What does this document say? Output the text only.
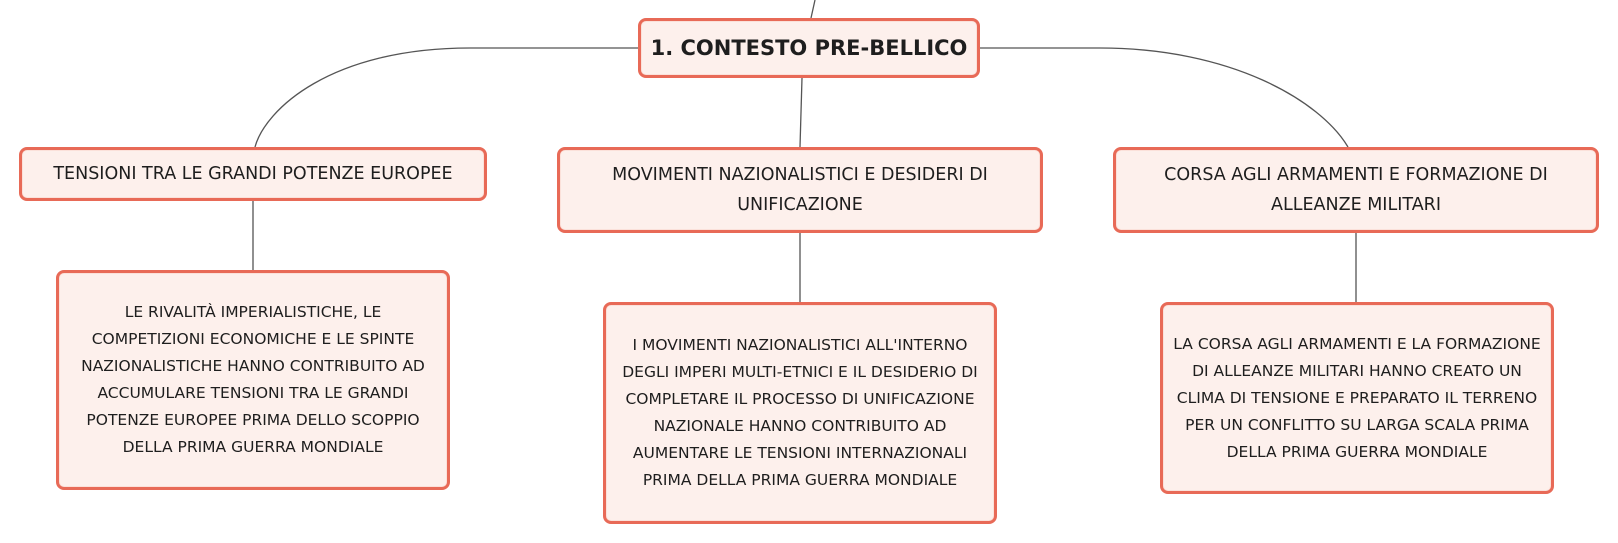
1. CONTESTO PRE-BELLICO
TENSIONI TRA LE GRANDI POTENZE EUROPEE	MOVIMENTI NAZIONALISTICI E DESIDERI DI UNIFICAZIONE
CORSA AGLI ARMAMENTI E FORMAZIONE DI ALLEANZE MILITARI
LE RIVALITÀ IMPERIALISTICHE, LE COMPETIZIONI ECONOMICHE E LE SPINTE NAZIONALISTICHE HANNO CONTRIBUITO AD ACCUMULARE TENSIONI TRA LE GRANDI POTENZE EUROPEE PRIMA DELLO SCOPPIO DELLA PRIMA GUERRA MONDIALE
I MOVIMENTI NAZIONALISTICI ALL'INTERNO DEGLI IMPERI MULTI-ETNICI E IL DESIDERIO DI COMPLETARE IL PROCESSO DI UNIFICAZIONE NAZIONALE HANNO CONTRIBUITO AD AUMENTARE LE TENSIONI INTERNAZIONALI PRIMA DELLA PRIMA GUERRA MONDIALE
LA CORSA AGLI ARMAMENTI E LA FORMAZIONE DI ALLEANZE MILITARI HANNO CREATO UN CLIMA DI TENSIONE E PREPARATO IL TERRENO PER UN CONFLITTO SU LARGA SCALA PRIMA DELLA PRIMA GUERRA MONDIALE
